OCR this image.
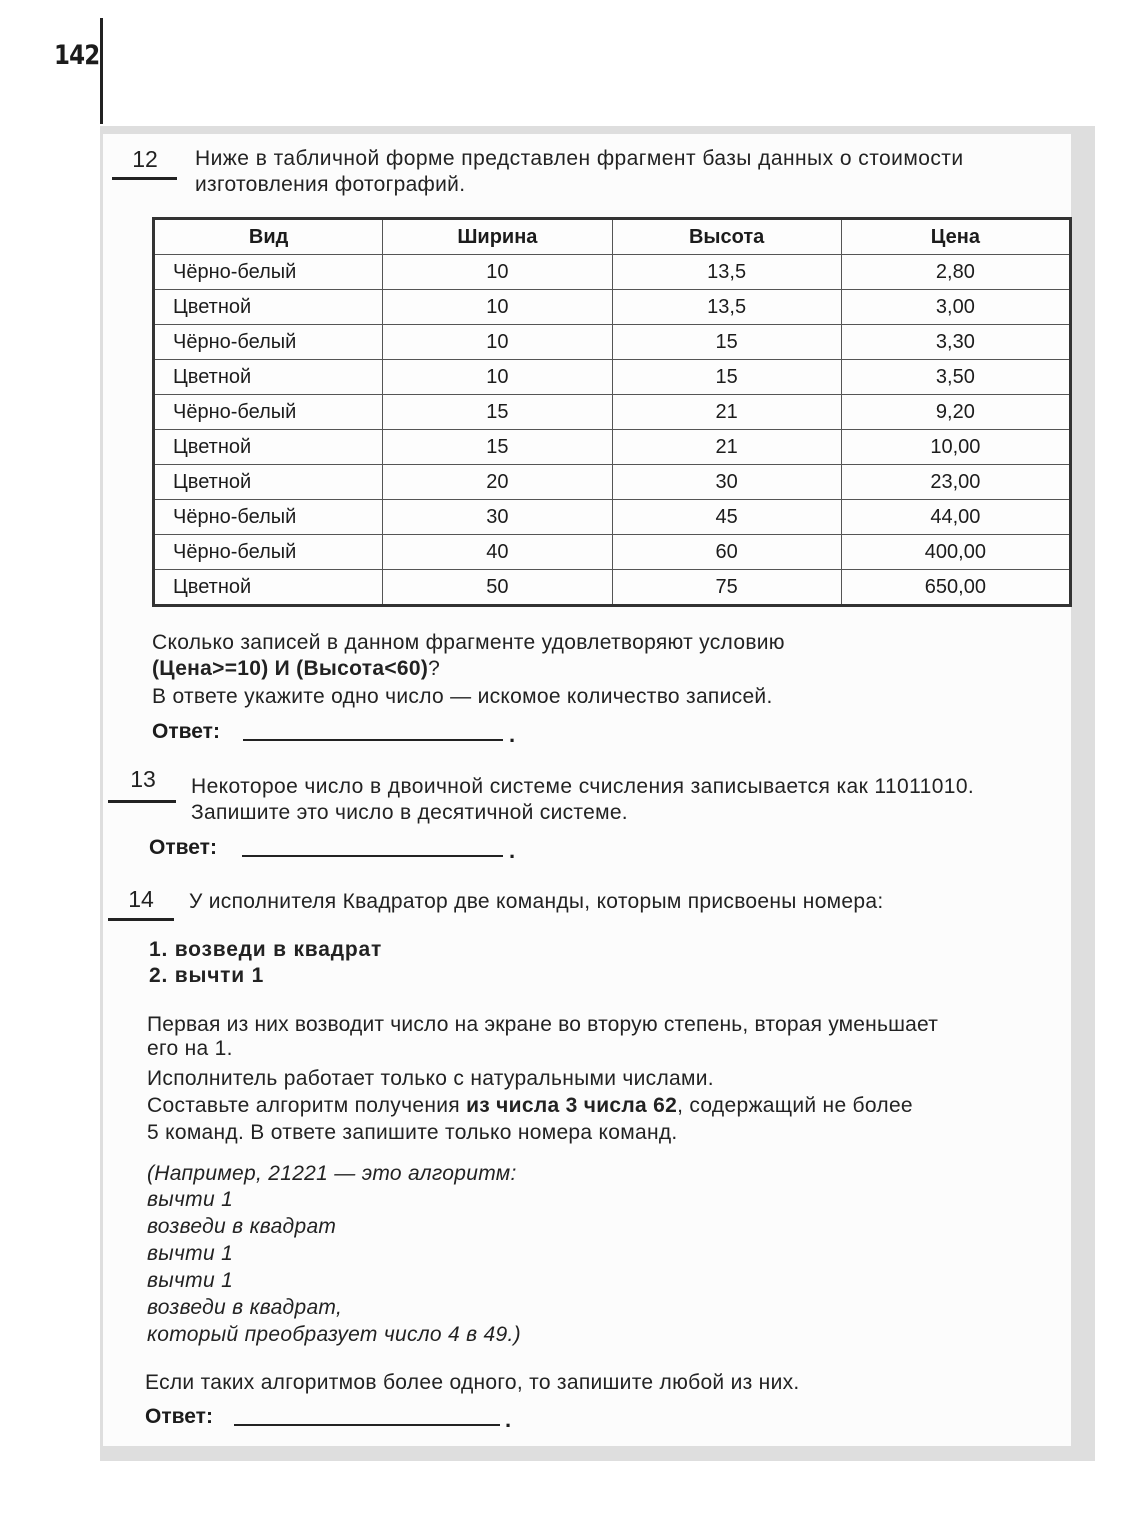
142
12	Ниже в табличной форме представлен фрагмент базы данных о стоимости
изготовления фотографий.
Вид	Ширина	Высота	Цена
Чёрно-белый	10	13,5	2,80
Цветной	10	13,5	3,00
Чёрно-белый	10	15	3,30
Цветной	10	15	3,50
Чёрно-белый	15	21	9,20
Цветной	15	21	10,00
Цветной	20	30	23,00
Чёрно-белый	30	45	44,00
Чёрно-белый	40	60	400,00
Цветной	50	75	650,00
Сколько записей в данном фрагменте удовлетворяют условию
(Цена>=10) И (Высота<60)?
В ответе укажите одно число — искомое количество записей.
Ответ:	.
13	Некоторое число в двоичной системе счисления записывается как 11011010.
Запишите это число в десятичной системе.
Ответ:	.
14	У исполнителя Квадратор две команды, которым присвоены номера:
1. возведи в квадрат
2. вычти 1
Первая из них возводит число на экране во вторую степень, вторая уменьшает
его на 1.
Исполнитель работает только с натуральными числами.
Составьте алгоритм получения из числа 3 числа 62, содержащий не более
5 команд. В ответе запишите только номера команд.
(Например, 21221 — это алгоритм:
вычти 1
возведи в квадрат
вычти 1
вычти 1
возведи в квадрат,
который преобразует число 4 в 49.)
Если таких алгоритмов более одного, то запишите любой из них.
Ответ:	.
